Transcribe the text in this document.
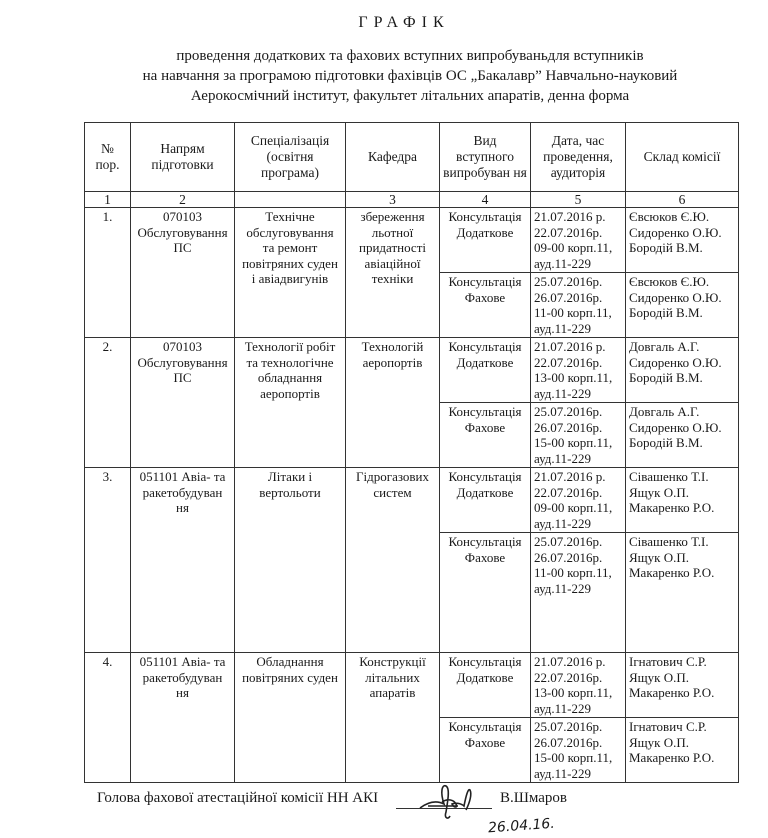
ГРАФІК
проведення додаткових та фахових вступних випробуваньдля вступників
на навчання за програмою підготовки фахівців ОС „Бакалавр” Навчально-науковий
Аерокосмічний інститут, факультет літальних апаратів, денна форма
№ пор.	Напрям підготовки	Спеціалізація (освітня програма)	Кафедра	Вид вступного випробуван ня	Дата, час проведення, аудиторія	Склад комісії
1	2		3	4	5	6

1.	070103
Обслуговування
ПС	Технічне
обслуговування
та ремонт
повітряних суден
і авіадвигунів	збереження
льотної
придатності
авіаційної
техніки	Консультація
Додаткове	21.07.2016 р.
22.07.2016р.
09-00 корп.11,
ауд.11-229	Євсюков Є.Ю.
Сидоренко О.Ю.
Бородій В.М.

				Консультація
Фахове	25.07.2016р.
26.07.2016р.
11-00 корп.11,
ауд.11-229	Євсюков Є.Ю.
Сидоренко О.Ю.
Бородій В.М.

2.	070103
Обслуговування
ПС	Технології робіт
та технологічне
обладнання
аеропортів	Технологій
аеропортів	Консультація
Додаткове	21.07.2016 р.
22.07.2016р.
13-00 корп.11,
ауд.11-229	Довгаль А.Г.
Сидоренко О.Ю.
Бородій В.М.

				Консультація
Фахове	25.07.2016р.
26.07.2016р.
15-00 корп.11,
ауд.11-229	Довгаль А.Г.
Сидоренко О.Ю.
Бородій В.М.

3.	051101 Авіа- та
ракетобудуван
ня	Літаки і
вертольоти	Гідрогазових
систем	Консультація
Додаткове	21.07.2016 р.
22.07.2016р.
09-00 корп.11,
ауд.11-229	Сівашенко Т.І.
Ящук О.П.
Макаренко Р.О.

				Консультація
Фахове	25.07.2016р.
26.07.2016р.
11-00 корп.11,
ауд.11-229	Сівашенко Т.І.
Ящук О.П.
Макаренко Р.О.

4.	051101 Авіа- та
ракетобудуван
ня	Обладнання
повітряних суден	Конструкції
літальних
апаратів	Консультація
Додаткове	21.07.2016 р.
22.07.2016р.
13-00 корп.11,
ауд.11-229	Ігнатович С.Р.
Ящук О.П.
Макаренко Р.О.

				Консультація
Фахове	25.07.2016р.
26.07.2016р.
15-00 корп.11,
ауд.11-229	Ігнатович С.Р.
Ящук О.П.
Макаренко Р.О.
Голова фахової атестаційної комісії НН АКІ	В.Шмаров
26.04.16.
